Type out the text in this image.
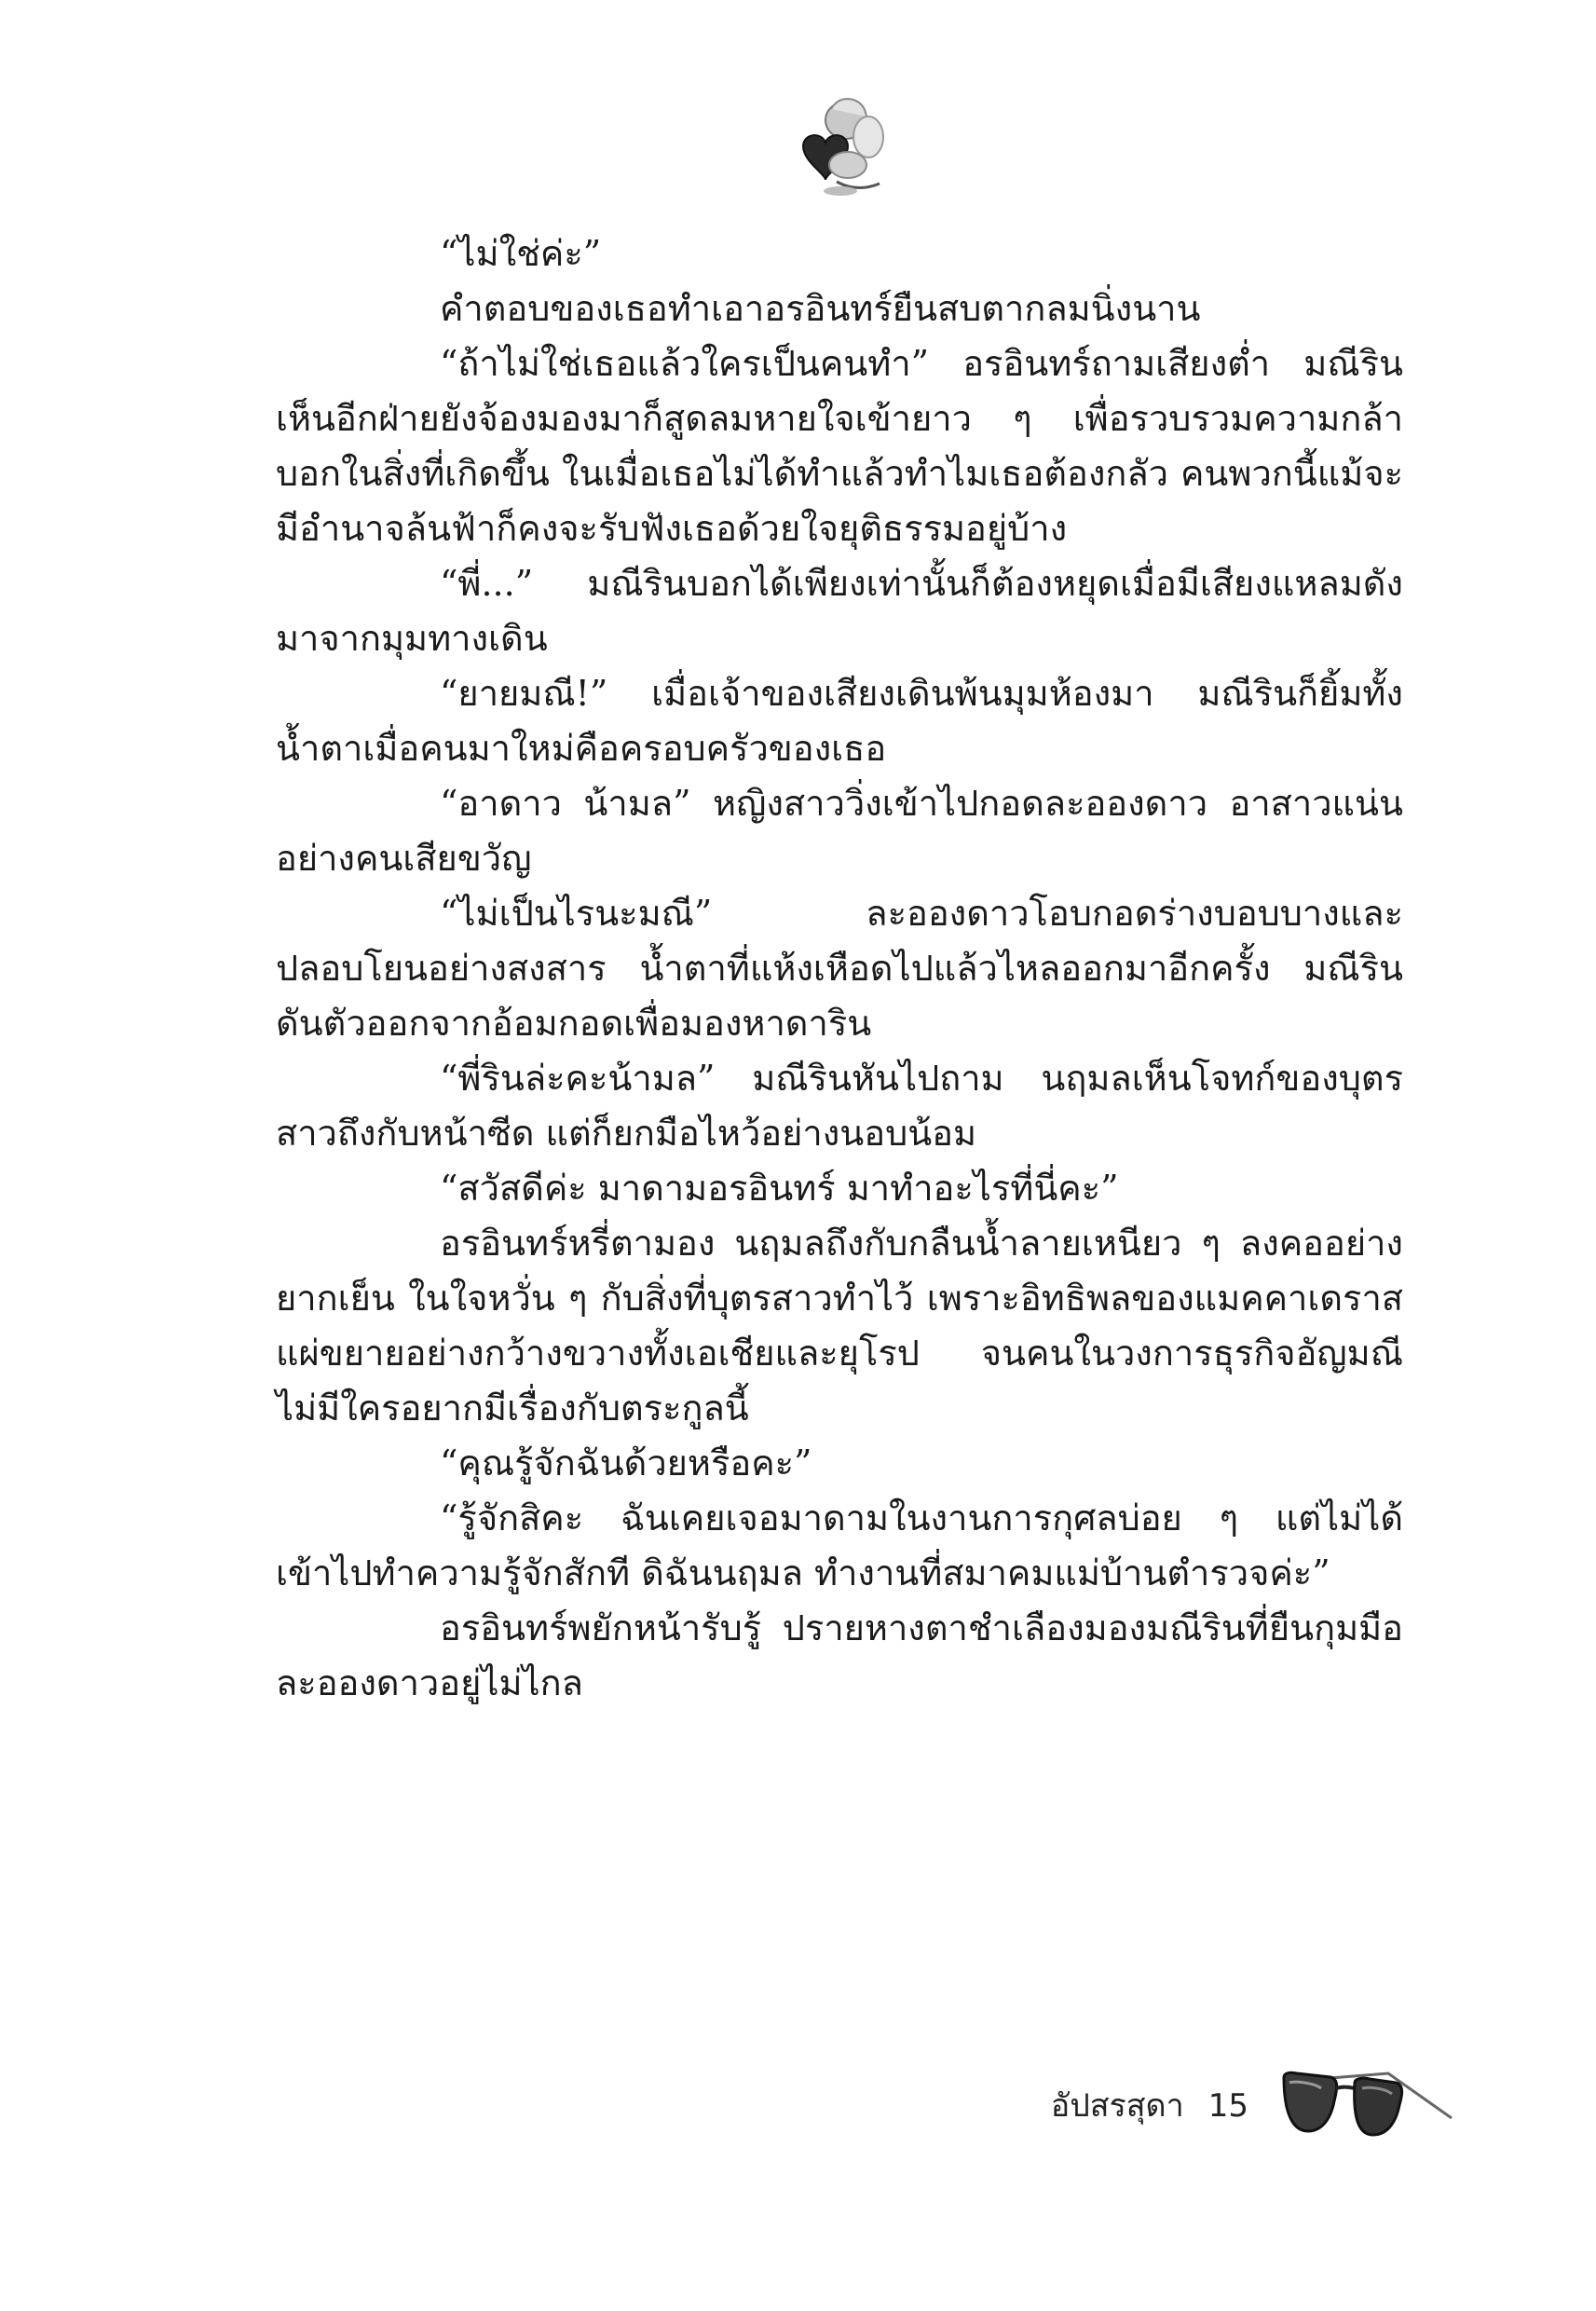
“ไม่ใช่ค่ะ”

คำตอบของเธอทำเอาอรอินทร์ยืนสบตากลมนิ่งนาน

“ถ้าไม่ใช่เธอแล้วใครเป็นคนทำ” อรอินทร์ถามเสียงต่ำ มณีรินเห็นอีกฝ่ายยังจ้องมองมาก็สูดลมหายใจเข้ายาว ๆ เพื่อรวบรวมความกล้าบอกในสิ่งที่เกิดขึ้น ในเมื่อเธอไม่ได้ทำแล้วทำไมเธอต้องกลัว คนพวกนี้แม้จะมีอำนาจล้นฟ้าก็คงจะรับฟังเธอด้วยใจยุติธรรมอยู่บ้าง

“พี่...” มณีรินบอกได้เพียงเท่านั้นก็ต้องหยุดเมื่อมีเสียงแหลมดังมาจากมุมทางเดิน

“ยายมณี!” เมื่อเจ้าของเสียงเดินพ้นมุมห้องมา มณีรินก็ยิ้มทั้งน้ำตาเมื่อคนมาใหม่คือครอบครัวของเธอ

“อาดาว น้ามล” หญิงสาววิ่งเข้าไปกอดละอองดาว อาสาวแน่นอย่างคนเสียขวัญ

“ไม่เป็นไรนะมณี” ละอองดาวโอบกอดร่างบอบบางและปลอบโยนอย่างสงสาร น้ำตาที่แห้งเหือดไปแล้วไหลออกมาอีกครั้ง มณีรินดันตัวออกจากอ้อมกอดเพื่อมองหาดาริน

“พี่รินล่ะคะน้ามล” มณีรินหันไปถาม นฤมลเห็นโจทก์ของบุตรสาวถึงกับหน้าซีด แต่ก็ยกมือไหว้อย่างนอบน้อม

“สวัสดีค่ะ มาดามอรอินทร์ มาทำอะไรที่นี่คะ”

อรอินทร์หรี่ตามอง นฤมลถึงกับกลืนน้ำลายเหนียว ๆ ลงคออย่างยากเย็น ในใจหวั่น ๆ กับสิ่งที่บุตรสาวทำไว้ เพราะอิทธิพลของแมคคาเดราสแผ่ขยายอย่างกว้างขวางทั้งเอเชียและยุโรป จนคนในวงการธุรกิจอัญมณีไม่มีใครอยากมีเรื่องกับตระกูลนี้

“คุณรู้จักฉันด้วยหรือคะ”

“รู้จักสิคะ ฉันเคยเจอมาดามในงานการกุศลบ่อย ๆ แต่ไม่ได้เข้าไปทำความรู้จักสักที ดิฉันนฤมล ทำงานที่สมาคมแม่บ้านตำรวจค่ะ”

อรอินทร์พยักหน้ารับรู้ ปรายหางตาชำเลืองมองมณีรินที่ยืนกุมมือละอองดาวอยู่ไม่ไกล

อัปสรสุดา 15
